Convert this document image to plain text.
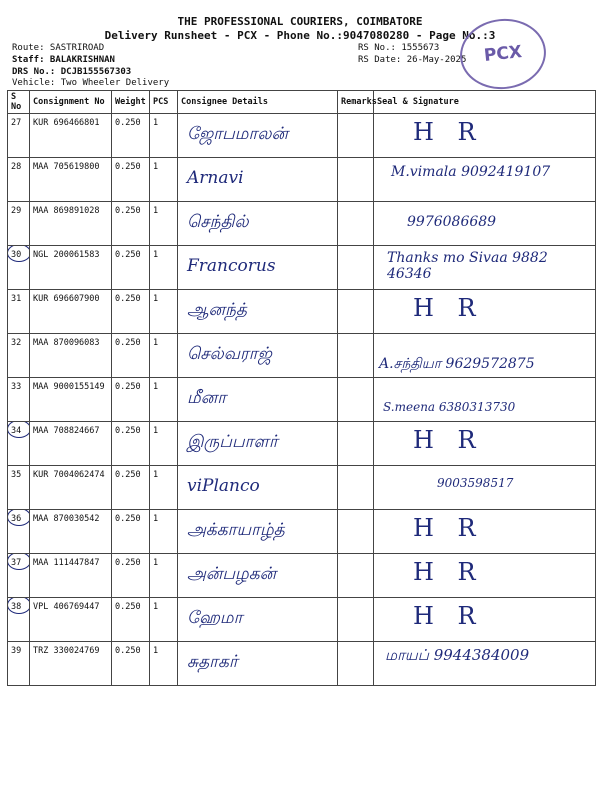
THE PROFESSIONAL COURIERS, COIMBATORE
Delivery Runsheet - PCX - Phone No.:9047080280 - Page No.:3
Route: SASTRIROAD
Staff: BALAKRISHNAN
DRS No.: DCJB155567303
Vehicle: Two Wheeler Delivery
RS No.: 1555673
RS Date: 26-May-2025 PCX
S No	Consignment No	Weight	PCS	Consignee Details	Remarks	Seal & Signature
27	KUR 696466801	0.250	1	ஜோபமாலன்		H R

28	MAA 705619800	0.250	1	Arnavi		M.vimala 9092419107

29	MAA 869891028	0.250	1	செந்தில்		9976086689

30	NGL 200061583	0.250	1	Francorus		Thanks mo Sivaa 9882 46346

31	KUR 696607900	0.250	1	ஆனந்த்		H R

32	MAA 870096083	0.250	1	செல்வராஜ்		A.சந்தியா 9629572875

33	MAA 9000155149	0.250	1	மீனா		S.meena 6380313730

34	MAA 708824667	0.250	1	இருப்பாளர்		H R

35	KUR 7004062474	0.250	1	viPlanco		9003598517

36	MAA 870030542	0.250	1	அக்காயாழ்த்		H R

37	MAA 111447847	0.250	1	அன்பழகன்		H R

38	VPL 406769447	0.250	1	ஹேமா		H R

39	TRZ 330024769	0.250	1	சுதாகர்		மாயப் 9944384009
